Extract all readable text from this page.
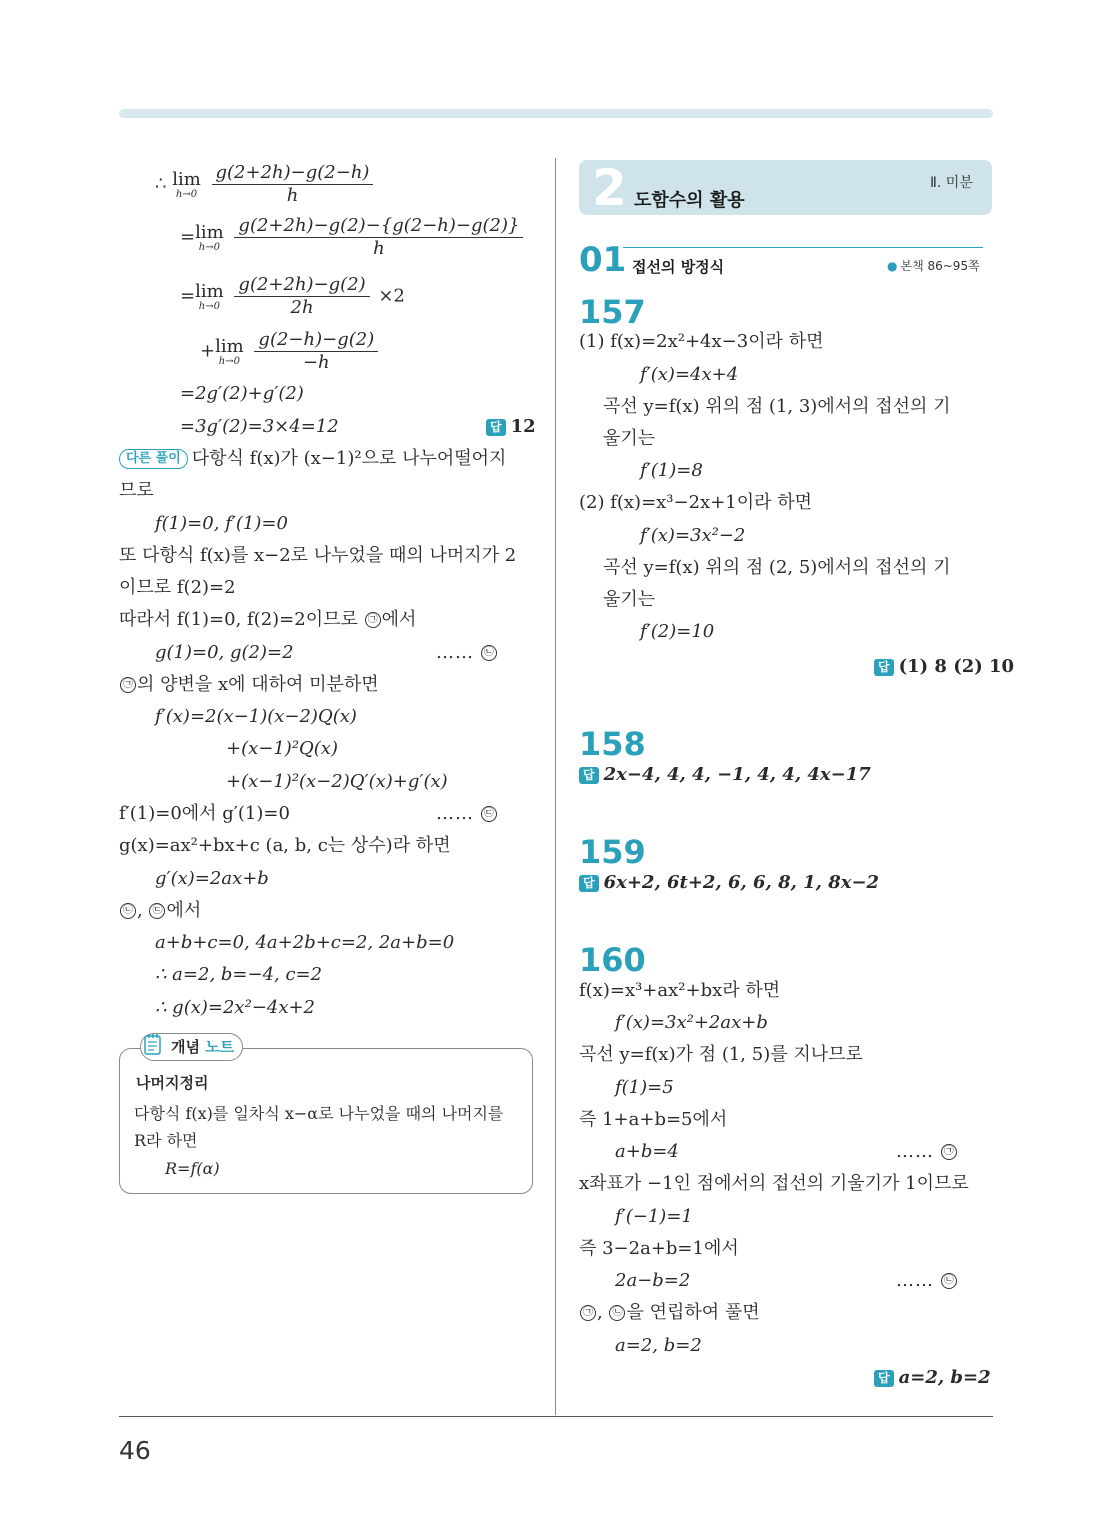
46
∴ lim
h→0
$\frac{g(2+2h)-g(2-h)}{h}$
= lim
h→0
$\frac{g(2+2h)-g(2)-\{g(2-h)-g(2)\}}{h}$
= lim
h→0
$\frac{g(2+2h)-g(2)}{2h} \times 2$
+ lim
h→0
$\frac{g(2-h)-g(2)}{-h}$
=2g′(2)+g′(2)
=3g′(2)=3×4=12	답 12
다른 풀이 다항식 f(x)가 (x−1)²으로 나누어떨어지
므로
f(1)=0, f′(1)=0
또 다항식 f(x)를 x−2로 나누었을 때의 나머지가 2
이므로 f(2)=2
따라서 f(1)=0, f(2)=2이므로 ㉠ 에서
g(1)=0, g(2)=2	…… ㉡
㉠ 의 양변을 x에 대하여 미분하면
f′(x)=2(x−1)(x−2)Q(x)
+(x−1)²Q(x)
+(x−1)²(x−2)Q′(x)+g′(x)
f′(1)=0에서 g′(1)=0	…… ㉢
g(x)=ax²+bx+c (a, b, c는 상수)라 하면
g′(x)=2ax+b
㉡ , ㉢ 에서
a+b+c=0, 4a+2b+c=2, 2a+b=0
∴ a=2, b=−4, c=2
∴ g(x)=2x²−4x+2
개념 노트
나머지정리
다항식 f(x)를 일차식 x−α로 나누었을 때의 나머지를
R라 하면
R=f(α)
2 도함수의 활용
Ⅱ. 미분
01 접선의 방정식	● 본책 86~95쪽
157
(1) f(x)=2x²+4x−3이라 하면
f′(x)=4x+4
곡선 y=f(x) 위의 점 (1, 3)에서의 접선의 기
울기는
f′(1)=8
(2) f(x)=x³−2x+1이라 하면
f′(x)=3x²−2
곡선 y=f(x) 위의 점 (2, 5)에서의 접선의 기
울기는
f′(2)=10
답 (1) 8 (2) 10
158
답 2x−4, 4, 4, −1, 4, 4, 4x−17
159
답 6x+2, 6t+2, 6, 6, 8, 1, 8x−2
160
f(x)=x³+ax²+bx라 하면
f′(x)=3x²+2ax+b
곡선 y=f(x)가 점 (1, 5)를 지나므로
f(1)=5
즉 1+a+b=5에서
a+b=4	…… ㉠
x좌표가 −1인 점에서의 접선의 기울기가 1이므로
f′(−1)=1
즉 3−2a+b=1에서
2a−b=2	…… ㉡
㉠ , ㉡ 을 연립하여 풀면
a=2, b=2
답 a=2, b=2
